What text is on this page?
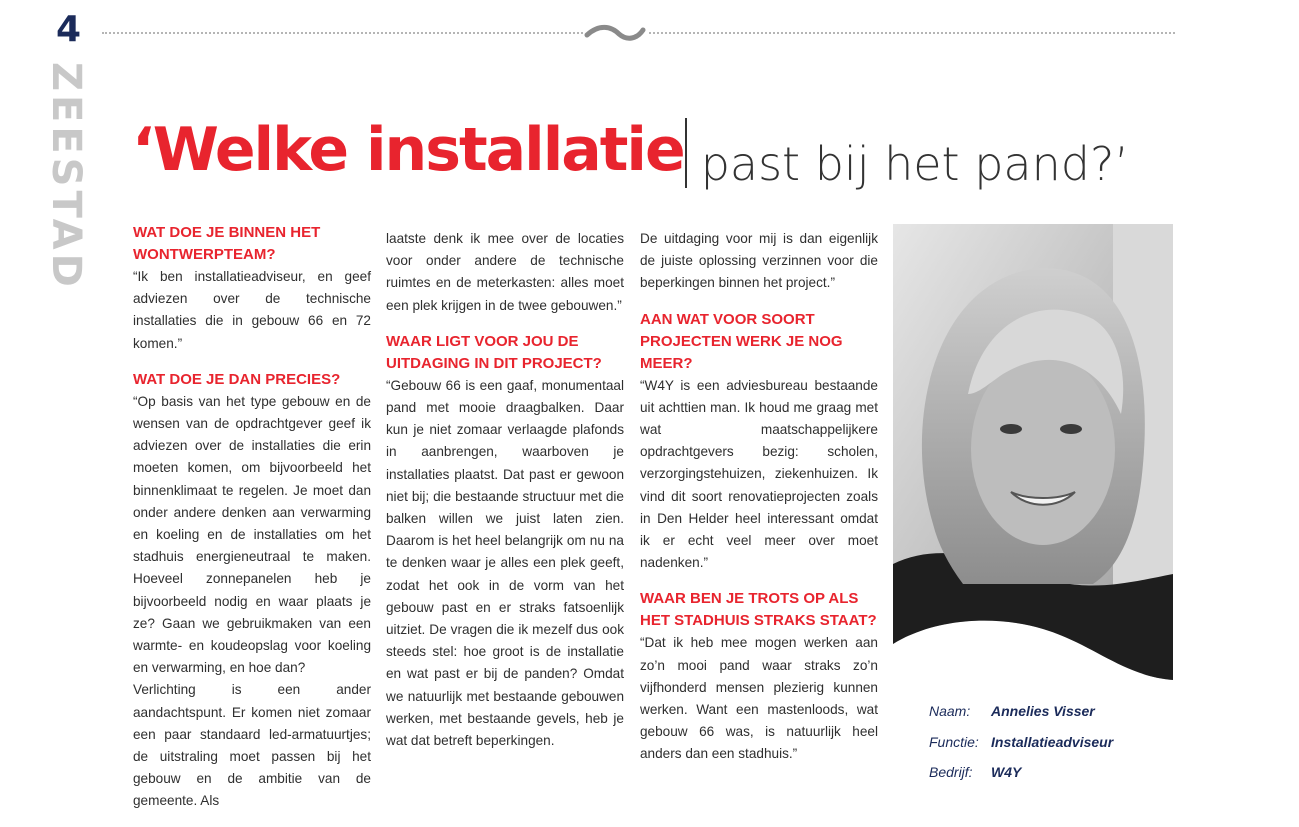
4
ZEESTAD ‘Welke installatie past bij het pand?’

WAT DOE JE BINNEN HET WONTWERPTEAM?

“Ik ben installatieadviseur, en geef adviezen over de technische installaties die in gebouw 66 en 72 komen.”

WAT DOE JE DAN PRECIES?

“Op basis van het type gebouw en de wensen van de opdrachtgever geef ik adviezen over de installaties die erin moeten komen, om bijvoorbeeld het binnenklimaat te regelen. Je moet dan onder andere denken aan verwarming en koeling en de installaties om het stadhuis energieneutraal te maken. Hoeveel zonnepanelen heb je bijvoorbeeld nodig en waar plaats je ze? Gaan we gebruikmaken van een warmte- en koudeopslag voor koeling en verwarming, en hoe dan?

Verlichting is een ander aandachtspunt. Er komen niet zomaar een paar standaard led-armatuurtjes; de uitstraling moet passen bij het gebouw en de ambitie van de gemeente. Als

laatste denk ik mee over de locaties voor onder andere de technische ruimtes en de meterkasten: alles moet een plek krijgen in de twee gebouwen.”

WAAR LIGT VOOR JOU DE UITDAGING IN DIT PROJECT?

“Gebouw 66 is een gaaf, monumentaal pand met mooie draagbalken. Daar kun je niet zomaar verlaagde plafonds in aanbrengen, waarboven je installaties plaatst. Dat past er gewoon niet bij; die bestaande structuur met die balken willen we juist laten zien. Daarom is het heel belangrijk om nu na te denken waar je alles een plek geeft, zodat het ook in de vorm van het gebouw past en er straks fatsoenlijk uitziet. De vragen die ik mezelf dus ook steeds stel: hoe groot is de installatie en wat past er bij de panden? Omdat we natuurlijk met bestaande gebouwen werken, met bestaande gevels, heb je wat dat betreft beperkingen.

De uitdaging voor mij is dan eigenlijk de juiste oplossing verzinnen voor die beperkingen binnen het project.”

AAN WAT VOOR SOORT PROJECTEN WERK JE NOG MEER?

“W4Y is een adviesbureau bestaande uit achttien man. Ik houd me graag met wat maatschappelijkere opdrachtgevers bezig: scholen, verzorgingstehuizen, ziekenhuizen. Ik vind dit soort renovatieprojecten zoals in Den Helder heel interessant omdat ik er echt veel meer over moet nadenken.”

WAAR BEN JE TROTS OP ALS HET STADHUIS STRAKS STAAT?

“Dat ik heb mee mogen werken aan zo’n mooi pand waar straks zo’n vijfhonderd mensen plezierig kunnen werken. Want een mastenloods, wat gebouw 66 was, is natuurlijk heel anders dan een stadhuis.”

Naam:	Annelies Visser
Functie: Installatieadviseur
Bedrijf:	W4Y
